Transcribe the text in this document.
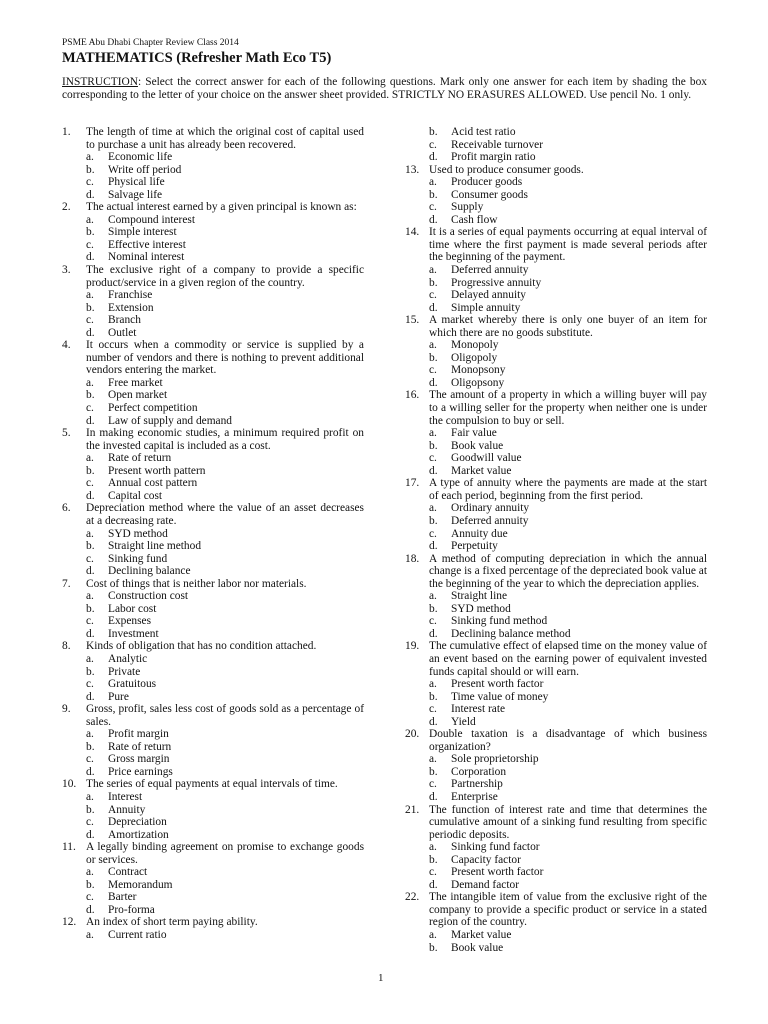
PSME Abu Dhabi Chapter Review Class 2014
MATHEMATICS (Refresher Math Eco T5)
INSTRUCTION: Select the correct answer for each of the following questions. Mark only one answer for each item by shading the box corresponding to the letter of your choice on the answer sheet provided. STRICTLY NO ERASURES ALLOWED. Use pencil No. 1 only.
1.	The length of time at which the original cost of capital used to purchase a unit has already been recovered.
a.	Economic life
b.	Write off period
c.	Physical life
d.	Salvage life
2.	The actual interest earned by a given principal is known as:
a.	Compound interest
b.	Simple interest
c.	Effective interest
d.	Nominal interest
3.	The exclusive right of a company to provide a specific product/service in a given region of the country.
a.	Franchise
b.	Extension
c.	Branch
d.	Outlet
4.	It occurs when a commodity or service is supplied by a number of vendors and there is nothing to prevent additional vendors entering the market.
a.	Free market
b.	Open market
c.	Perfect competition
d.	Law of supply and demand
5.	In making economic studies, a minimum required profit on the invested capital is included as a cost.
a.	Rate of return
b.	Present worth pattern
c.	Annual cost pattern
d.	Capital cost
6.	Depreciation method where the value of an asset decreases at a decreasing rate.
a.	SYD method
b.	Straight line method
c.	Sinking fund
d.	Declining balance
7.	Cost of things that is neither labor nor materials.
a.	Construction cost
b.	Labor cost
c.	Expenses
d.	Investment
8.	Kinds of obligation that has no condition attached.
a.	Analytic
b.	Private
c.	Gratuitous
d.	Pure
9.	Gross, profit, sales less cost of goods sold as a percentage of sales.
a.	Profit margin
b.	Rate of return
c.	Gross margin
d.	Price earnings
10. The series of equal payments at equal intervals of time.
a.	Interest
b.	Annuity
c.	Depreciation
d.	Amortization
11. A legally binding agreement on promise to exchange goods or services.
a.	Contract
b.	Memorandum
c.	Barter
d.	Pro-forma
12. An index of short term paying ability.
a.	Current ratio
b.	Acid test ratio
c.	Receivable turnover
d.	Profit margin ratio
13. Used to produce consumer goods.
a.	Producer goods
b.	Consumer goods
c.	Supply
d.	Cash flow
14. It is a series of equal payments occurring at equal interval of time where the first payment is made several periods after the beginning of the payment.
a.	Deferred annuity
b.	Progressive annuity
c.	Delayed annuity
d.	Simple annuity
15. A market whereby there is only one buyer of an item for which there are no goods substitute.
a.	Monopoly
b.	Oligopoly
c.	Monopsony
d.	Oligopsony
16. The amount of a property in which a willing buyer will pay to a willing seller for the property when neither one is under the compulsion to buy or sell.
a.	Fair value
b.	Book value
c.	Goodwill value
d.	Market value
17. A type of annuity where the payments are made at the start of each period, beginning from the first period.
a.	Ordinary annuity
b.	Deferred annuity
c.	Annuity due
d.	Perpetuity
18. A method of computing depreciation in which the annual change is a fixed percentage of the depreciated book value at the beginning of the year to which the depreciation applies.
a.	Straight line
b.	SYD method
c.	Sinking fund method
d.	Declining balance method
19. The cumulative effect of elapsed time on the money value of an event based on the earning power of equivalent invested funds capital should or will earn.
a.	Present worth factor
b.	Time value of money
c.	Interest rate
d.	Yield
20. Double taxation is a disadvantage of which business organization?
a.	Sole proprietorship
b.	Corporation
c.	Partnership
d.	Enterprise
21. The function of interest rate and time that determines the cumulative amount of a sinking fund resulting from specific periodic deposits.
a.	Sinking fund factor
b.	Capacity factor
c.	Present worth factor
d.	Demand factor
22. The intangible item of value from the exclusive right of the company to provide a specific product or service in a stated region of the country.
a.	Market value
b.	Book value
1
